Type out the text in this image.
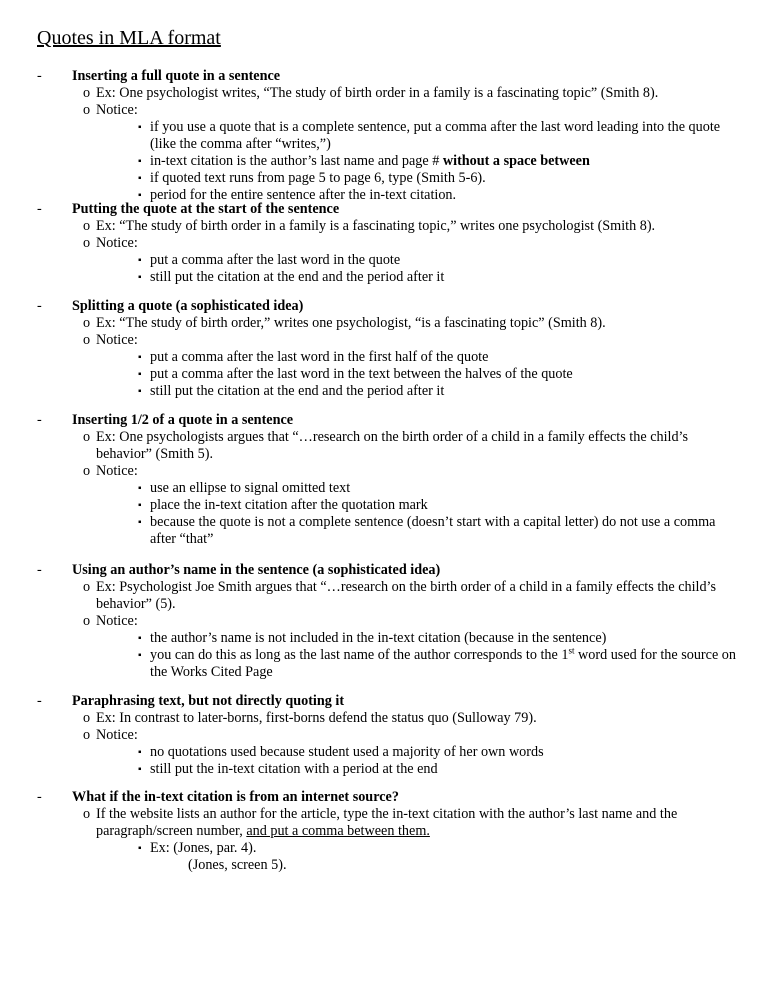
Quotes in MLA format
- Inserting a full quote in a sentence
o Ex: One psychologist writes, “The study of birth order in a family is a fascinating topic” (Smith 8).
o Notice:
▪ if you use a quote that is a complete sentence, put a comma after the last word leading into the quote (like the comma after “writes,”)
▪ in-text citation is the author’s last name and page # without a space between
▪ if quoted text runs from page 5 to page 6, type (Smith 5-6).
▪ period for the entire sentence after the in-text citation.
- Putting the quote at the start of the sentence
o Ex: “The study of birth order in a family is a fascinating topic,” writes one psychologist (Smith 8).
o Notice:
▪ put a comma after the last word in the quote
▪ still put the citation at the end and the period after it
- Splitting a quote (a sophisticated idea)
o Ex: “The study of birth order,” writes one psychologist, “is a fascinating topic” (Smith 8).
o Notice:
▪ put a comma after the last word in the first half of the quote
▪ put a comma after the last word in the text between the halves of the quote
▪ still put the citation at the end and the period after it
- Inserting 1/2 of a quote in a sentence
o Ex: One psychologists argues that “…research on the birth order of a child in a family effects the child’s behavior” (Smith 5).
o Notice:
▪ use an ellipse to signal omitted text
▪ place the in-text citation after the quotation mark
▪ because the quote is not a complete sentence (doesn’t start with a capital letter) do not use a comma after “that”
- Using an author’s name in the sentence (a sophisticated idea)
o Ex: Psychologist Joe Smith argues that “…research on the birth order of a child in a family effects the child’s behavior” (5).
o Notice:
▪ the author’s name is not included in the in-text citation (because in the sentence)
▪ you can do this as long as the last name of the author corresponds to the 1st word used for the source on the Works Cited Page
- Paraphrasing text, but not directly quoting it
o Ex: In contrast to later-borns, first-borns defend the status quo (Sulloway 79).
o Notice:
▪ no quotations used because student used a majority of her own words
▪ still put the in-text citation with a period at the end
- What if the in-text citation is from an internet source?
o If the website lists an author for the article, type the in-text citation with the author’s last name and the paragraph/screen number, and put a comma between them.
▪ Ex: (Jones, par. 4).
(Jones, screen 5).
